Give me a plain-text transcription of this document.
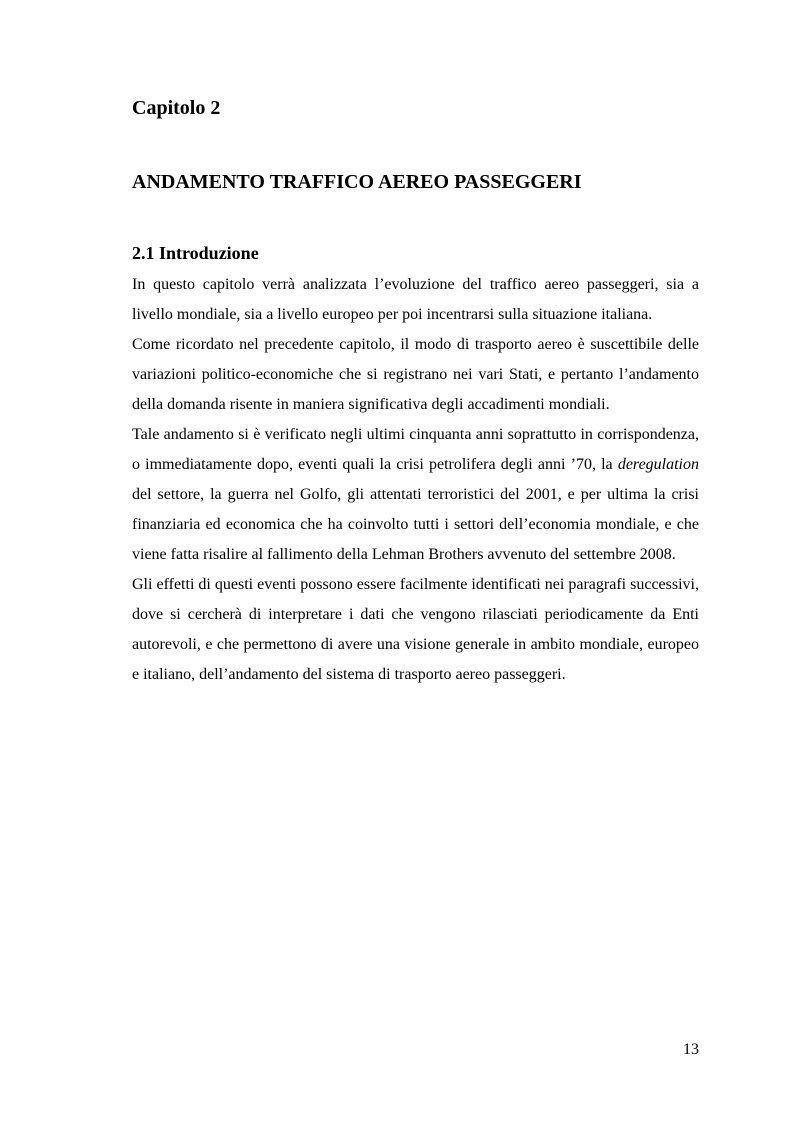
Capitolo 2
ANDAMENTO TRAFFICO AEREO PASSEGGERI
2.1 Introduzione

In questo capitolo verrà analizzata l’evoluzione del traffico aereo passeggeri, sia a livello mondiale, sia a livello europeo per poi incentrarsi sulla situazione italiana.

Come ricordato nel precedente capitolo, il modo di trasporto aereo è suscettibile delle variazioni politico-economiche che si registrano nei vari Stati, e pertanto l’andamento della domanda risente in maniera significativa degli accadimenti mondiali.

Tale andamento si è verificato negli ultimi cinquanta anni soprattutto in corrispondenza, o immediatamente dopo, eventi quali la crisi petrolifera degli anni ’70, la deregulation del settore, la guerra nel Golfo, gli attentati terroristici del 2001, e per ultima la crisi finanziaria ed economica che ha coinvolto tutti i settori dell’economia mondiale, e che viene fatta risalire al fallimento della Lehman Brothers avvenuto del settembre 2008.

Gli effetti di questi eventi possono essere facilmente identificati nei paragrafi successivi, dove si cercherà di interpretare i dati che vengono rilasciati periodicamente da Enti autorevoli, e che permettono di avere una visione generale in ambito mondiale, europeo e italiano, dell’andamento del sistema di trasporto aereo passeggeri.

13
